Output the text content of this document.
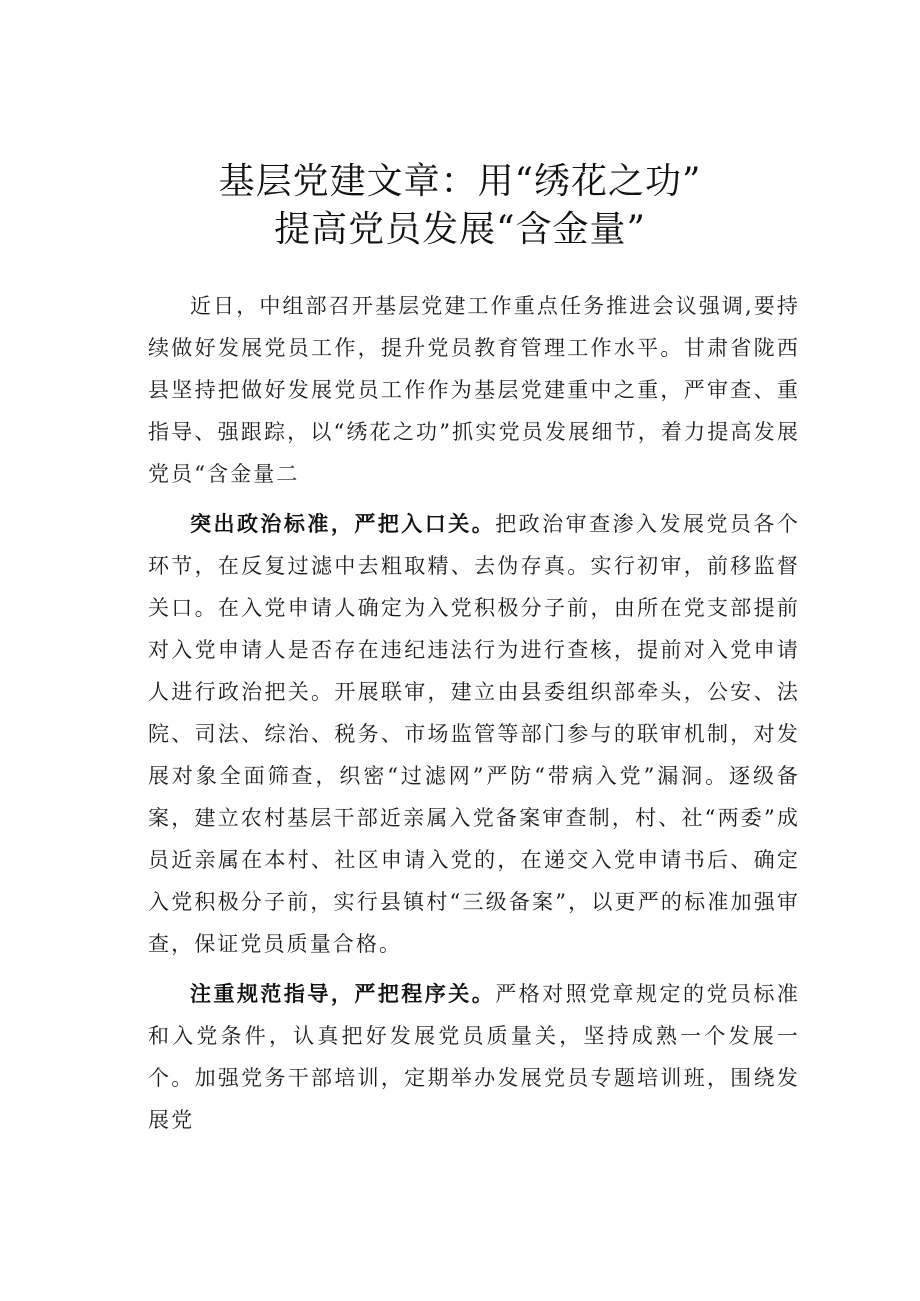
基层党建文章：用“绣花之功”
提高党员发展“含金量”

近日，中组部召开基层党建工作重点任务推进会议强调,要持续做好发展党员工作，提升党员教育管理工作水平。甘肃省陇西县坚持把做好发展党员工作作为基层党建重中之重，严审查、重指导、强跟踪，以“绣花之功”抓实党员发展细节，着力提高发展党员“含金量二

突出政治标准，严把入口关。把政治审查渗入发展党员各个环节，在反复过滤中去粗取精、去伪存真。实行初审，前移监督关口。在入党申请人确定为入党积极分子前，由所在党支部提前对入党申请人是否存在违纪违法行为进行查核，提前对入党申请人进行政治把关。开展联审，建立由县委组织部牵头，公安、法院、司法、综治、税务、市场监管等部门参与的联审机制，对发展对象全面筛查，织密“过滤网”严防“带病入党”漏洞。逐级备案，建立农村基层干部近亲属入党备案审查制，村、社“两委”成员近亲属在本村、社区申请入党的，在递交入党申请书后、确定入党积极分子前，实行县镇村“三级备案”，以更严的标准加强审查，保证党员质量合格。

注重规范指导，严把程序关。严格对照党章规定的党员标准和入党条件，认真把好发展党员质量关，坚持成熟一个发展一个。加强党务干部培训，定期举办发展党员专题培训班，围绕发展党
